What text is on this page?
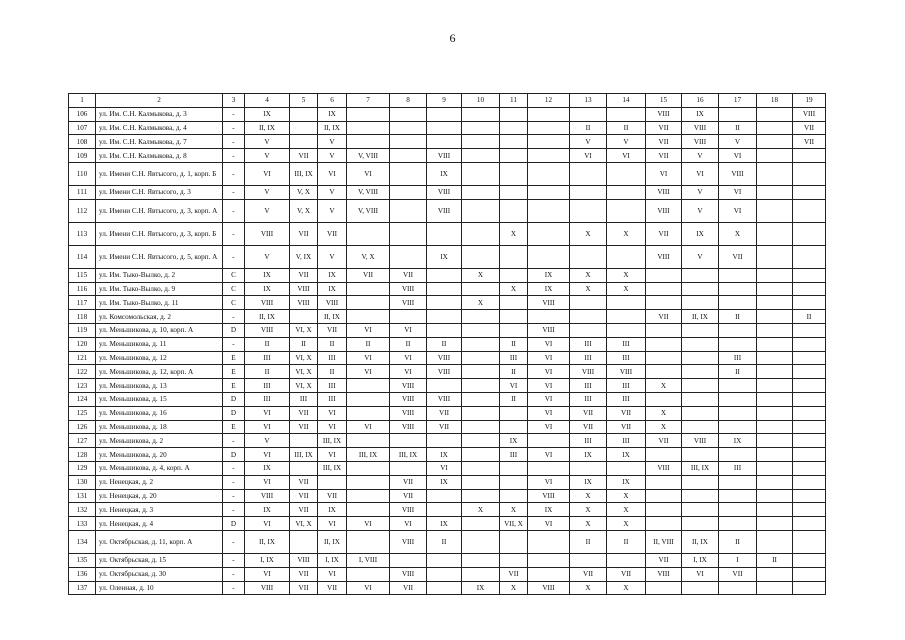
6
1	2	3	4	5	6	7	8	9	10	11	12	13	14	15	16	17	18	19
106	ул. Им. С.Н. Калмыкова, д. 3	-	IX		IX									VIII	IX			VIII
107	ул. Им. С.Н. Калмыкова, д. 4	-	II, IX		II, IX							II	II	VII	VIII	II		VII
108	ул. Им. С.Н. Калмыкова, д. 7	-	V		V							V	V	VII	VIII	V		VII
109	ул. Им. С.Н. Калмыкова, д. 8	-	V	VII	V	V, VIII		VIII				VI	VI	VII	V	VI		
110	ул. Имени С.Н. Явтысого, д. 1, корп. Б	-	VI	III, IX	VI	VI		IX						VI	VI	VIII		
111	ул. Имени С.Н. Явтысого, д. 3	-	V	V, X	V	V, VIII		VIII						VIII	V	VI		
112	ул. Имени С.Н. Явтысого, д. 3, корп. А	-	V	V, X	V	V, VIII		VIII						VIII	V	VI		
113	ул. Имени С.Н. Явтысого, д. 3, корп. Б	-	VIII	VII	VII					X		X	X	VII	IX	X		
114	ул. Имени С.Н. Явтысого, д. 5, корп. А	-	V	V, IX	V	V, X		IX						VIII	V	VII		
115	ул. Им. Тыко-Вылко, д. 2	C	IX	VII	IX	VII	VII		X		IX	X	X					
116	ул. Им. Тыко-Вылко, д. 9	C	IX	VIII	IX		VIII			X	IX	X	X					
117	ул. Им. Тыко-Вылко, д. 11	C	VIII	VIII	VIII		VIII		X		VIII							
118	ул. Комсомольская, д. 2	-	II, IX		II, IX									VII	II, IX	II		II
119	ул. Меньшикова, д. 10, корп. А	D	VIII	VI, X	VII	VI	VI				VIII							
120	ул. Меньшикова, д. 11	-	II	II	II	II	II	II		II	VI	III	III					
121	ул. Меньшикова, д. 12	E	III	VI, X	III	VI	VI	VIII		III	VI	III	III			III		
122	ул. Меньшикова, д. 12, корп. А	E	II	VI, X	II	VI	VI	VIII		II	VI	VIII	VIII			II		
123	ул. Меньшикова, д. 13	E	III	VI, X	III		VIII			VI	VI	III	III	X				
124	ул. Меньшикова, д. 15	D	III	III	III		VIII	VIII		II	VI	III	III					
125	ул. Меньшикова, д. 16	D	VI	VII	VI		VIII	VII			VI	VII	VII	X				
126	ул. Меньшикова, д. 18	E	VI	VII	VI	VI	VIII	VII			VI	VII	VII	X				
127	ул. Меньшикова, д. 2	-	V		III, IX					IX		III	III	VII	VIII	IX		
128	ул. Меньшикова, д. 20	D	VI	III, IX	VI	III, IX	III, IX	IX		III	VI	IX	IX					
129	ул. Меньшикова, д. 4, корп. А	-	IX		III, IX			VI						VIII	III, IX	III		
130	ул. Ненецкая, д. 2	-	VI	VII			VII	IX			VI	IX	IX					
131	ул. Ненецкая, д. 20	-	VIII	VII	VII		VII				VIII	X	X					
132	ул. Ненецкая, д. 3	-	IX	VII	IX		VIII		X	X	IX	X	X					
133	ул. Ненецкая, д. 4	D	VI	VI, X	VI	VI	VI	IX		VII, X	VI	X	X					
134	ул. Октябрьская, д. 11, корп. А	-	II, IX		II, IX		VIII	II				II	II	II, VIII	II, IX	II		
135	ул. Октябрьская, д. 15	-	I, IX	VIII	I, IX	I, VIII								VII	I, IX	I	II	
136	ул. Октябрьская, д. 30	-	VI	VII	VI		VIII			VII		VII	VII	VIII	VI	VII		
137	ул. Оленная, д. 10	-	VIII	VII	VII	VI	VII		IX	X	VIII	X	X					
